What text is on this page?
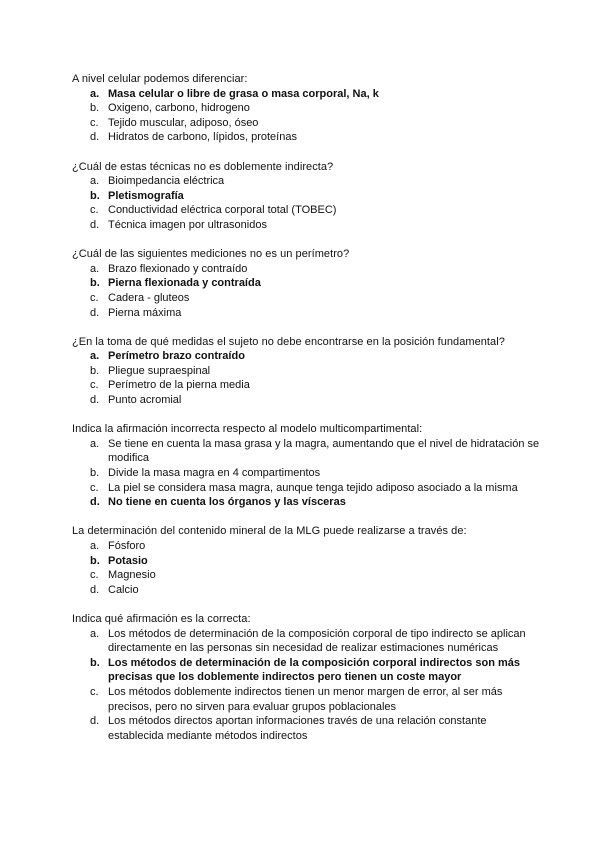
A nivel celular podemos diferenciar:
a. Masa celular o libre de grasa o masa corporal, Na, k
b. Oxigeno, carbono, hidrogeno
c. Tejido muscular, adiposo, óseo
d. Hidratos de carbono, lípidos, proteínas
¿Cuál de estas técnicas no es doblemente indirecta?
a. Bioimpedancia eléctrica
b. Pletismografía
c. Conductividad eléctrica corporal total (TOBEC)
d. Técnica imagen por ultrasonidos
¿Cuál de las siguientes mediciones no es un perímetro?
a. Brazo flexionado y contraído
b. Pierna flexionada y contraída
c. Cadera - gluteos
d. Pierna máxima
¿En la toma de qué medidas el sujeto no debe encontrarse en la posición fundamental?
a. Perímetro brazo contraído
b. Pliegue supraespinal
c. Perímetro de la pierna media
d. Punto acromial
Indica la afirmación incorrecta respecto al modelo multicompartimental:
a. Se tiene en cuenta la masa grasa y la magra, aumentando que el nivel de hidratación se modifica
b. Divide la masa magra en 4 compartimentos
c. La piel se considera masa magra, aunque tenga tejido adiposo asociado a la misma
d. No tiene en cuenta los órganos y las vísceras
La determinación del contenido mineral de la MLG puede realizarse a través de:
a. Fósforo
b. Potasio
c. Magnesio
d. Calcio
Indica qué afirmación es la correcta:
a. Los métodos de determinación de la composición corporal de tipo indirecto se aplican directamente en las personas sin necesidad de realizar estimaciones numéricas
b. Los métodos de determinación de la composición corporal indirectos son más precisas que los doblemente indirectos pero tienen un coste mayor
c. Los métodos doblemente indirectos tienen un menor margen de error, al ser más precisos, pero no sirven para evaluar grupos poblacionales
d. Los métodos directos aportan informaciones través de una relación constante establecida mediante métodos indirectos
